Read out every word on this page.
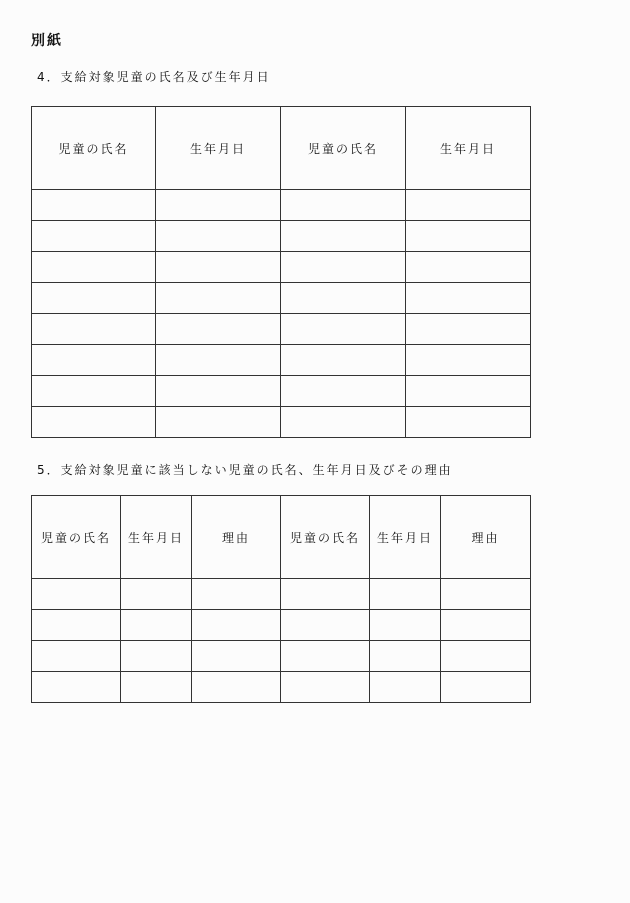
別紙
4．支給対象児童の氏名及び生年月日
児童の氏名	生年月日	児童の氏名	生年月日

5．支給対象児童に該当しない児童の氏名、生年月日及びその理由
児童の氏名	生年月日	理由	児童の氏名	生年月日	理由
